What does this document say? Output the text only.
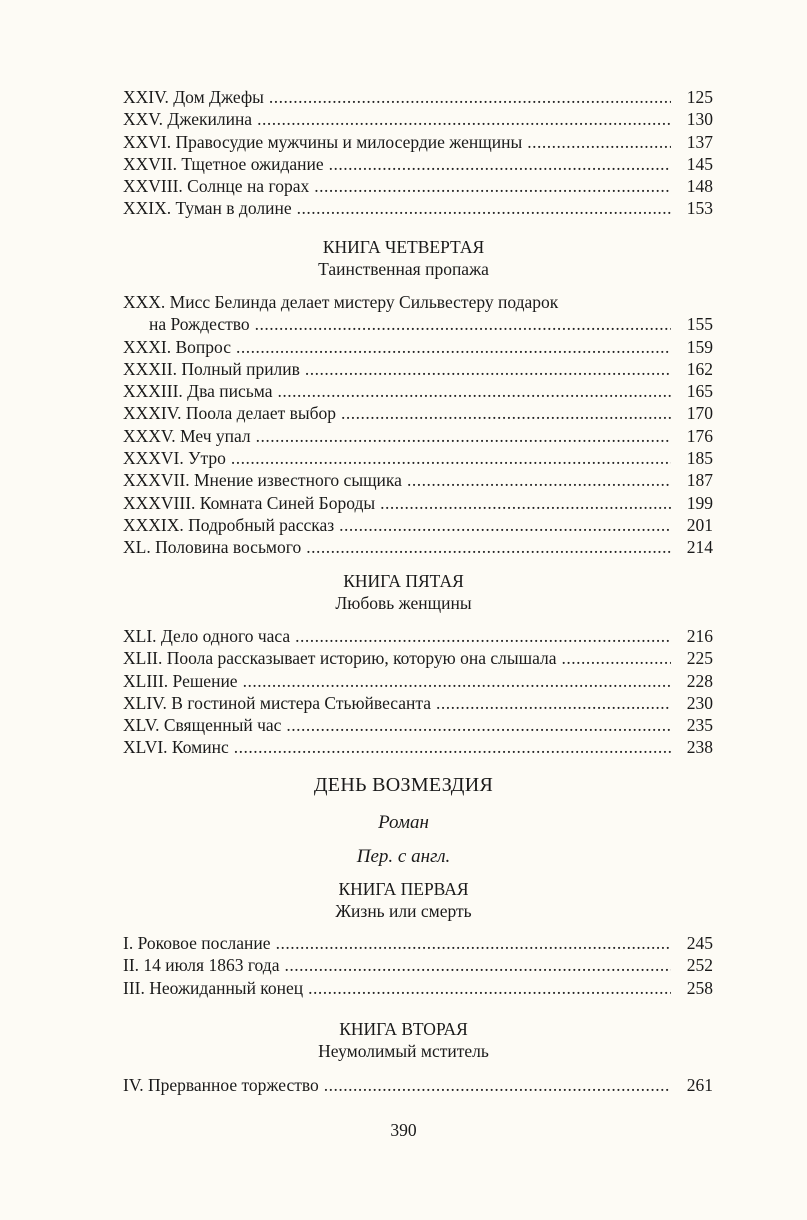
XXIV. Дом Джефы .....	125
XXV. Джекилина .....	130
XXVI. Правосудие мужчины и милосердие женщины .....	137
XXVII. Тщетное ожидание .....	145
XXVIII. Солнце на горах .....	148
XXIX. Туман в долине .....	153
КНИГА ЧЕТВЕРТАЯ
Таинственная пропажа
XXX. Мисс Белинда делает мистеру Сильвестеру подарок
на Рождество .....	155
XXXI. Вопрос .....	159
XXXII. Полный прилив .....	162
XXXIII. Два письма .....	165
XXXIV. Поола делает выбор .....	170
XXXV. Меч упал .....	176
XXXVI. Утро .....	185
XXXVII. Мнение известного сыщика .....	187
XXXVIII. Комната Синей Бороды .....	199
XXXIX. Подробный рассказ .....	201
XL. Половина восьмого .....	214
КНИГА ПЯТАЯ
Любовь женщины
XLI. Дело одного часа .....	216
XLII. Поола рассказывает историю, которую она слышала .....	225
XLIII. Решение .....	228
XLIV. В гостиной мистера Стьюйвесанта .....	230
XLV. Священный час .....	235
XLVI. Коминс .....	238
ДЕНЬ ВОЗМЕЗДИЯ
Роман
Пер. с англ.
КНИГА ПЕРВАЯ
Жизнь или смерть
I. Роковое послание .....	245
II. 14 июля 1863 года .....	252
III. Неожиданный конец .....	258
КНИГА ВТОРАЯ
Неумолимый мститель
IV. Прерванное торжество .....	261
390
